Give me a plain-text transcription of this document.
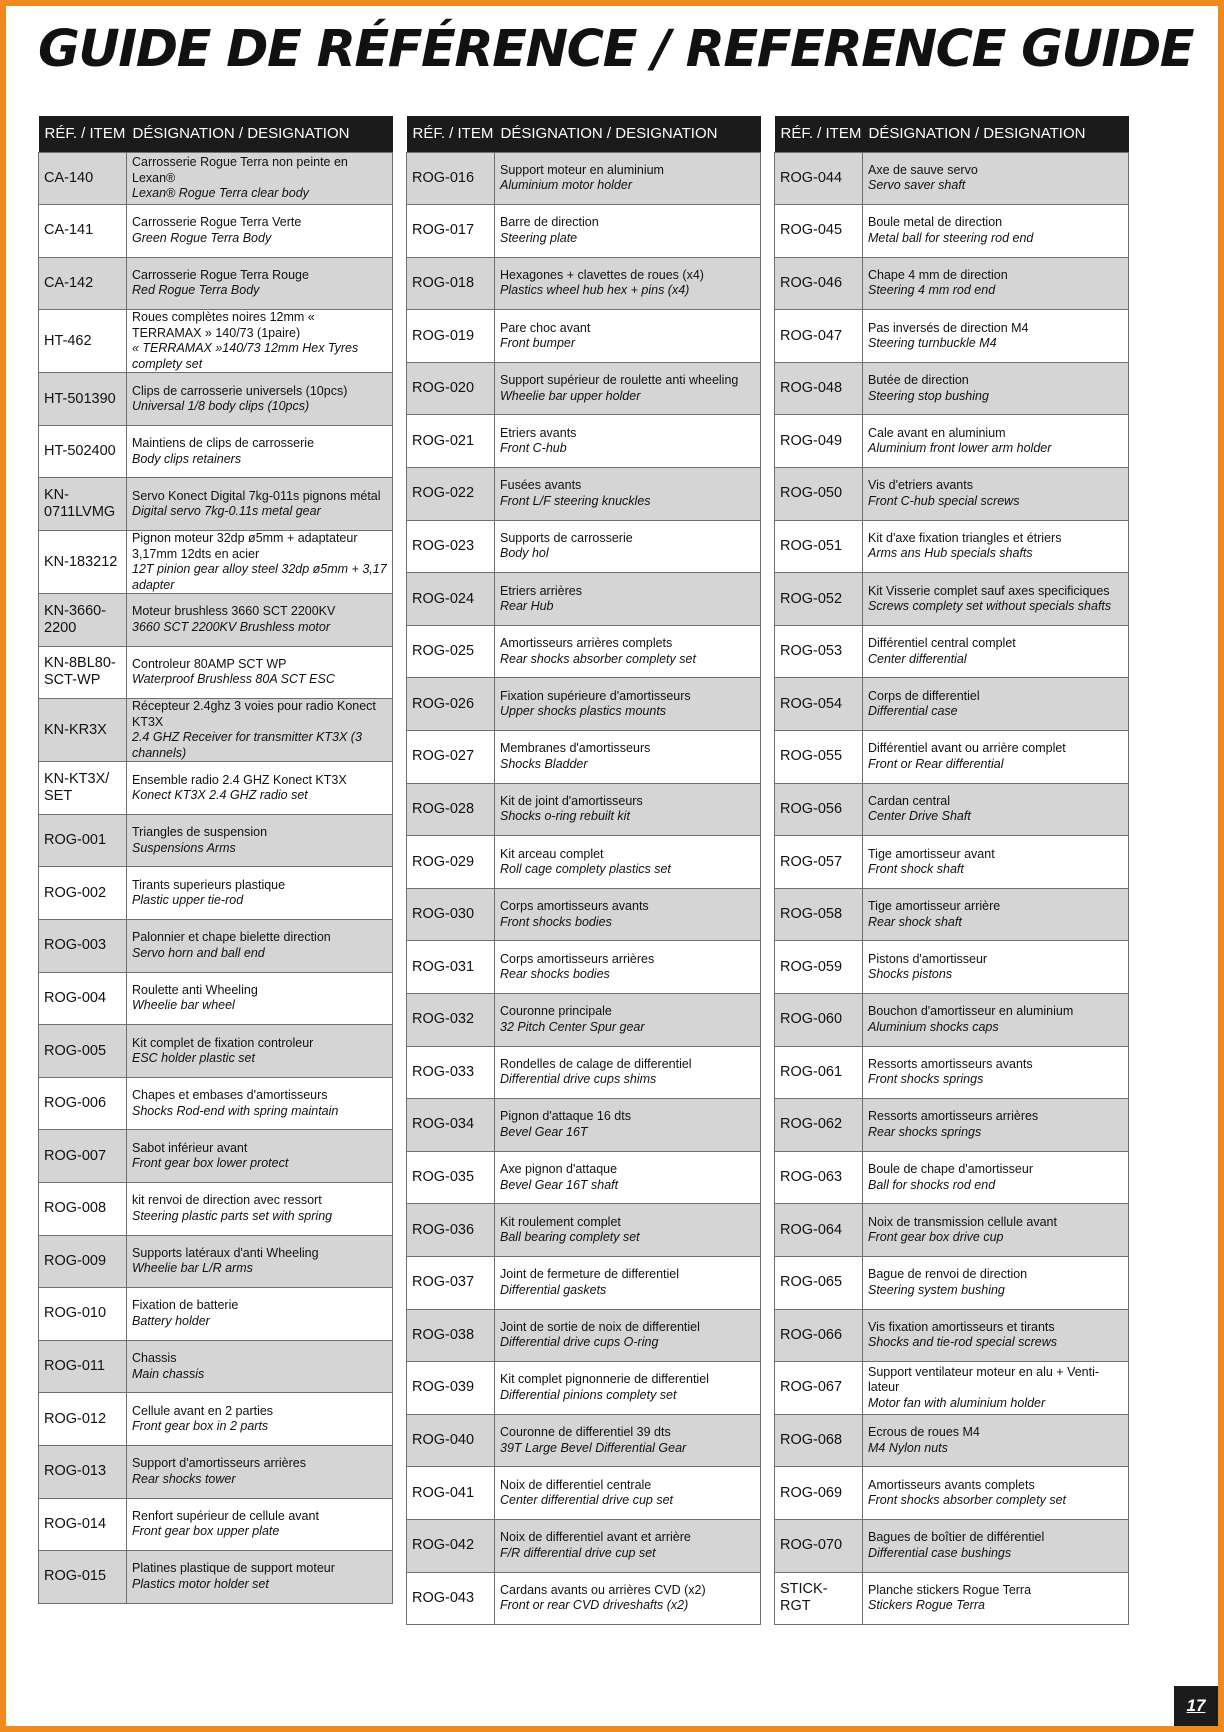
GUIDE DE RÉFÉRENCE / REFERENCE GUIDE
RÉF. / ITEM	DÉSIGNATION / DESIGNATION
CA-140	Carrosserie Rogue Terra non peinte en Lexan®
Lexan® Rogue Terra clear body

CA-141	Carrosserie Rogue Terra Verte
Green Rogue Terra Body

CA-142	Carrosserie Rogue Terra Rouge
Red Rogue Terra Body

HT-462	Roues complètes noires 12mm « TERRAMAX » 140/73 (1paire)
« TERRAMAX »140/73 12mm Hex Tyres complety set

HT-501390	Clips de carrosserie universels (10pcs)
Universal 1/8 body clips (10pcs)

HT-502400	Maintiens de clips de carrosserie
Body clips retainers

KN-0711LVMG	Servo Konect Digital 7kg-011s pignons métal
Digital servo 7kg-0.11s metal gear

KN-183212	Pignon moteur 32dp ø5mm + adaptateur 3,17mm 12dts en acier
12T pinion gear alloy steel 32dp ø5mm + 3,17 adapter

KN-3660-2200	Moteur brushless 3660 SCT 2200KV
3660 SCT 2200KV Brushless motor

KN-8BL80-SCT-WP	Controleur 80AMP SCT WP
Waterproof Brushless 80A SCT ESC

KN-KR3X	Récepteur 2.4ghz 3 voies pour radio Konect KT3X
2.4 GHZ Receiver for transmitter KT3X (3 channels)

KN-KT3X/ SET	Ensemble radio 2.4 GHZ Konect KT3X
Konect KT3X 2.4 GHZ radio set

ROG-001	Triangles de suspension
Suspensions Arms

ROG-002	Tirants superieurs plastique
Plastic upper tie-rod

ROG-003	Palonnier et chape bielette direction
Servo horn and ball end

ROG-004	Roulette anti Wheeling
Wheelie bar wheel

ROG-005	Kit complet de fixation controleur
ESC holder plastic set

ROG-006	Chapes et embases d'amortisseurs
Shocks Rod-end with spring maintain

ROG-007	Sabot inférieur avant
Front gear box lower protect

ROG-008	kit renvoi de direction avec ressort
Steering plastic parts set with spring

ROG-009	Supports latéraux d'anti Wheeling
Wheelie bar L/R arms

ROG-010	Fixation de batterie
Battery holder

ROG-011	Chassis
Main chassis

ROG-012	Cellule avant en 2 parties
Front gear box in 2 parts

ROG-013	Support d'amortisseurs arrières
Rear shocks tower

ROG-014	Renfort supérieur de cellule avant
Front gear box upper plate

ROG-015	Platines plastique de support moteur
Plastics motor holder set
RÉF. / ITEM	DÉSIGNATION / DESIGNATION
ROG-016	Support moteur en aluminium
Aluminium motor holder

ROG-017	Barre de direction
Steering plate

ROG-018	Hexagones + clavettes de roues (x4)
Plastics wheel hub hex + pins (x4)

ROG-019	Pare choc avant
Front bumper

ROG-020	Support supérieur de roulette anti wheeling
Wheelie bar upper holder

ROG-021	Etriers avants
Front C-hub

ROG-022	Fusées avants
Front L/F steering knuckles

ROG-023	Supports de carrosserie
Body hol

ROG-024	Etriers arrières
Rear Hub

ROG-025	Amortisseurs arrières complets
Rear shocks absorber complety set

ROG-026	Fixation supérieure d'amortisseurs
Upper shocks plastics mounts

ROG-027	Membranes d'amortisseurs
Shocks Bladder

ROG-028	Kit de joint d'amortisseurs
Shocks o-ring rebuilt kit

ROG-029	Kit arceau complet
Roll cage complety plastics set

ROG-030	Corps amortisseurs avants
Front shocks bodies

ROG-031	Corps amortisseurs arrières
Rear shocks bodies

ROG-032	Couronne principale
32 Pitch Center Spur gear

ROG-033	Rondelles de calage de differentiel
Differential drive cups shims

ROG-034	Pignon d'attaque 16 dts
Bevel Gear 16T

ROG-035	Axe pignon d'attaque
Bevel Gear 16T shaft

ROG-036	Kit roulement complet
Ball bearing complety set

ROG-037	Joint de fermeture de differentiel
Differential gaskets

ROG-038	Joint de sortie de noix de differentiel
Differential drive cups O-ring

ROG-039	Kit complet pignonnerie de differentiel
Differential pinions complety set

ROG-040	Couronne de differentiel 39 dts
39T Large Bevel Differential Gear

ROG-041	Noix de differentiel centrale
Center differential drive cup set

ROG-042	Noix de differentiel avant et arrière
F/R differential drive cup set

ROG-043	Cardans avants ou arrières CVD (x2)
Front or rear CVD driveshafts (x2)
RÉF. / ITEM	DÉSIGNATION / DESIGNATION
ROG-044	Axe de sauve servo
Servo saver shaft

ROG-045	Boule metal de direction
Metal ball for steering rod end

ROG-046	Chape 4 mm de direction
Steering 4 mm rod end

ROG-047	Pas inversés de direction M4
Steering turnbuckle M4

ROG-048	Butée de direction
Steering stop bushing

ROG-049	Cale avant en aluminium
Aluminium front lower arm holder

ROG-050	Vis d'etriers avants
Front C-hub special screws

ROG-051	Kit d'axe fixation triangles et étriers
Arms ans Hub specials shafts

ROG-052	Kit Visserie complet sauf axes specificiques
Screws complety set without specials shafts

ROG-053	Différentiel central complet
Center differential

ROG-054	Corps de differentiel
Differential case

ROG-055	Différentiel avant ou arrière complet
Front or Rear differential

ROG-056	Cardan central
Center Drive Shaft

ROG-057	Tige amortisseur avant
Front shock shaft

ROG-058	Tige amortisseur arrière
Rear shock shaft

ROG-059	Pistons d'amortisseur
Shocks pistons

ROG-060	Bouchon d'amortisseur en aluminium
Aluminium shocks caps

ROG-061	Ressorts amortisseurs avants
Front shocks springs

ROG-062	Ressorts amortisseurs arrières
Rear shocks springs

ROG-063	Boule de chape d'amortisseur
Ball for shocks rod end

ROG-064	Noix de transmission cellule avant
Front gear box drive cup

ROG-065	Bague de renvoi de direction
Steering system bushing

ROG-066	Vis fixation amortisseurs et tirants
Shocks and tie-rod special screws

ROG-067	Support ventilateur moteur en alu + Venti-lateur
Motor fan with aluminium holder

ROG-068	Ecrous de roues M4
M4 Nylon nuts

ROG-069	Amortisseurs avants complets
Front shocks absorber complety set

ROG-070	Bagues de boîtier de différentiel
Differential case bushings

STICK-RGT	Planche stickers Rogue Terra
Stickers Rogue Terra
17
